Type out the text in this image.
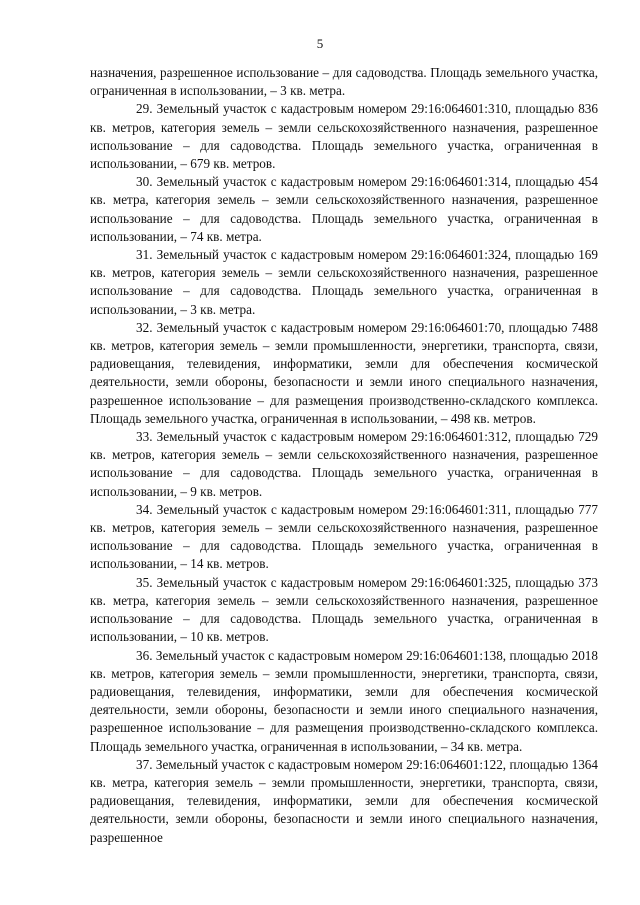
5

назначения, разрешенное использование – для садоводства. Площадь земельного участка, ограниченная в использовании, – 3 кв. метра.

29. Земельный участок с кадастровым номером 29:16:064601:310, площадью 836 кв. метров, категория земель – земли сельскохозяйственного назначения, разрешенное использование – для садоводства. Площадь земельного участка, ограниченная в использовании, – 679 кв. метров.

30. Земельный участок с кадастровым номером 29:16:064601:314, площадью 454 кв. метра, категория земель – земли сельскохозяйственного назначения, разрешенное использование – для садоводства. Площадь земельного участка, ограниченная в использовании, – 74 кв. метра.

31. Земельный участок с кадастровым номером 29:16:064601:324, площадью 169 кв. метров, категория земель – земли сельскохозяйственного назначения, разрешенное использование – для садоводства. Площадь земельного участка, ограниченная в использовании, – 3 кв. метра.

32. Земельный участок с кадастровым номером 29:16:064601:70, площадью 7488 кв. метров, категория земель – земли промышленности, энергетики, транспорта, связи, радиовещания, телевидения, информатики, земли для обеспечения космической деятельности, земли обороны, безопасности и земли иного специального назначения, разрешенное использование – для размещения производственно-складского комплекса. Площадь земельного участка, ограниченная в использовании, – 498 кв. метров.

33. Земельный участок с кадастровым номером 29:16:064601:312, площадью 729 кв. метров, категория земель – земли сельскохозяйственного назначения, разрешенное использование – для садоводства. Площадь земельного участка, ограниченная в использовании, – 9 кв. метров.

34. Земельный участок с кадастровым номером 29:16:064601:311, площадью 777 кв. метров, категория земель – земли сельскохозяйственного назначения, разрешенное использование – для садоводства. Площадь земельного участка, ограниченная в использовании, – 14 кв. метров.

35. Земельный участок с кадастровым номером 29:16:064601:325, площадью 373 кв. метра, категория земель – земли сельскохозяйственного назначения, разрешенное использование – для садоводства. Площадь земельного участка, ограниченная в использовании, – 10 кв. метров.

36. Земельный участок с кадастровым номером 29:16:064601:138, площадью 2018 кв. метров, категория земель – земли промышленности, энергетики, транспорта, связи, радиовещания, телевидения, информатики, земли для обеспечения космической деятельности, земли обороны, безопасности и земли иного специального назначения, разрешенное использование – для размещения производственно-складского комплекса. Площадь земельного участка, ограниченная в использовании, – 34 кв. метра.

37. Земельный участок с кадастровым номером 29:16:064601:122, площадью 1364 кв. метра, категория земель – земли промышленности, энергетики, транспорта, связи, радиовещания, телевидения, информатики, земли для обеспечения космической деятельности, земли обороны, безопасности и земли иного специального назначения, разрешенное
